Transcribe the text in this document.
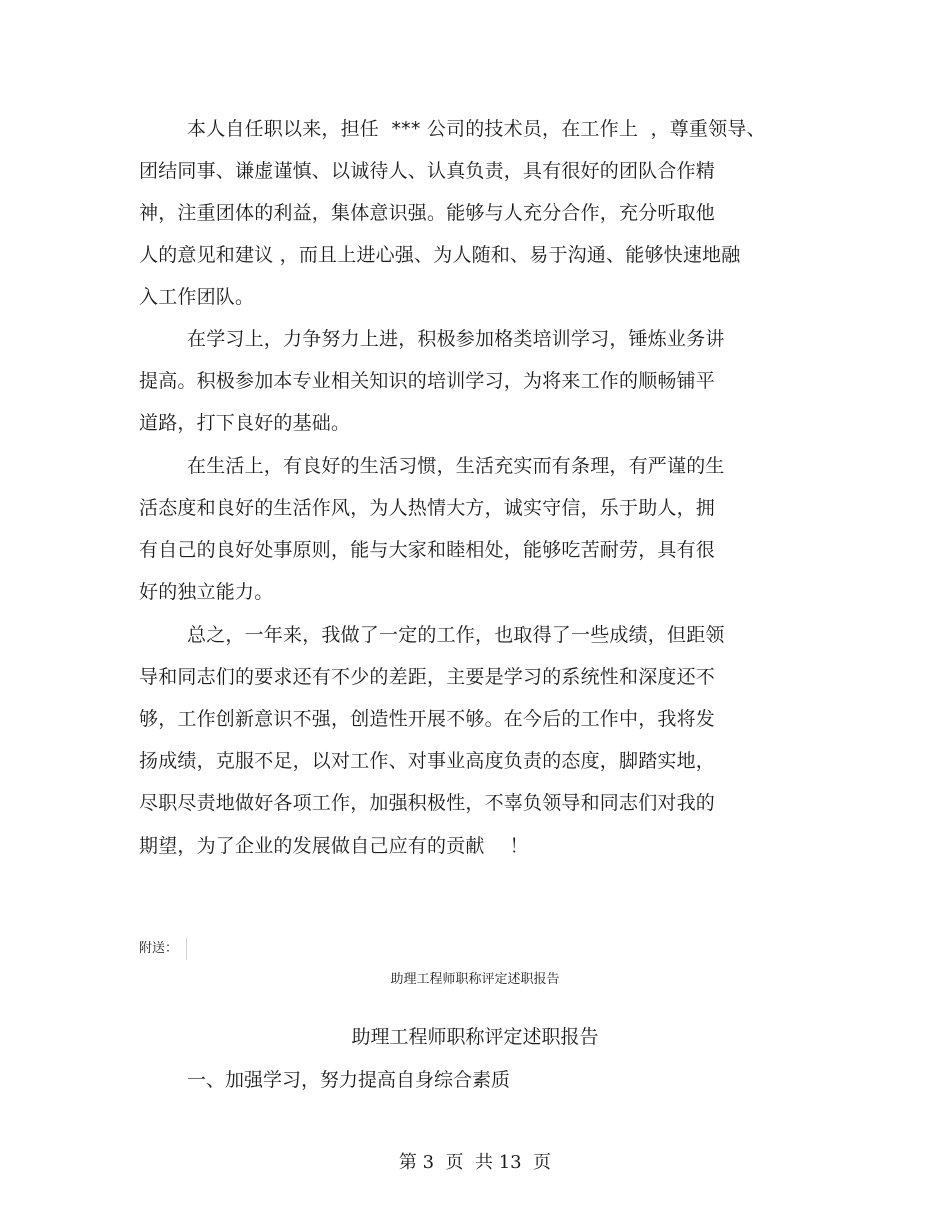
本人自任职以来，担任  *** 公司的技术员，在工作上  ，尊重领导、
团结同事、谦虚谨慎、以诚待人、认真负责，具有很好的团队合作精
神，注重团体的利益，集体意识强。能够与人充分合作，充分听取他
人的意见和建议 ，而且上进心强、为人随和、易于沟通、能够快速地融
入工作团队。
在学习上，力争努力上进，积极参加格类培训学习，锤炼业务讲
提高。积极参加本专业相关知识的培训学习，为将来工作的顺畅铺平
道路，打下良好的基础。
在生活上，有良好的生活习惯，生活充实而有条理，有严谨的生
活态度和良好的生活作风，为人热情大方，诚实守信，乐于助人，拥
有自己的良好处事原则，能与大家和睦相处，能够吃苦耐劳，具有很
好的独立能力。
总之，一年来，我做了一定的工作，也取得了一些成绩，但距领
导和同志们的要求还有不少的差距，主要是学习的系统性和深度还不
够，工作创新意识不强，创造性开展不够。在今后的工作中，我将发
扬成绩，克服不足，以对工作、对事业高度负责的态度，脚踏实地，
尽职尽责地做好各项工作，加强积极性，不辜负领导和同志们对我的
期望，为了企业的发展做自己应有的贡献    ！
附送：
助理工程师职称评定述职报告
助理工程师职称评定述职报告
一、加强学习，努力提高自身综合素质
第 3  页  共 13  页
